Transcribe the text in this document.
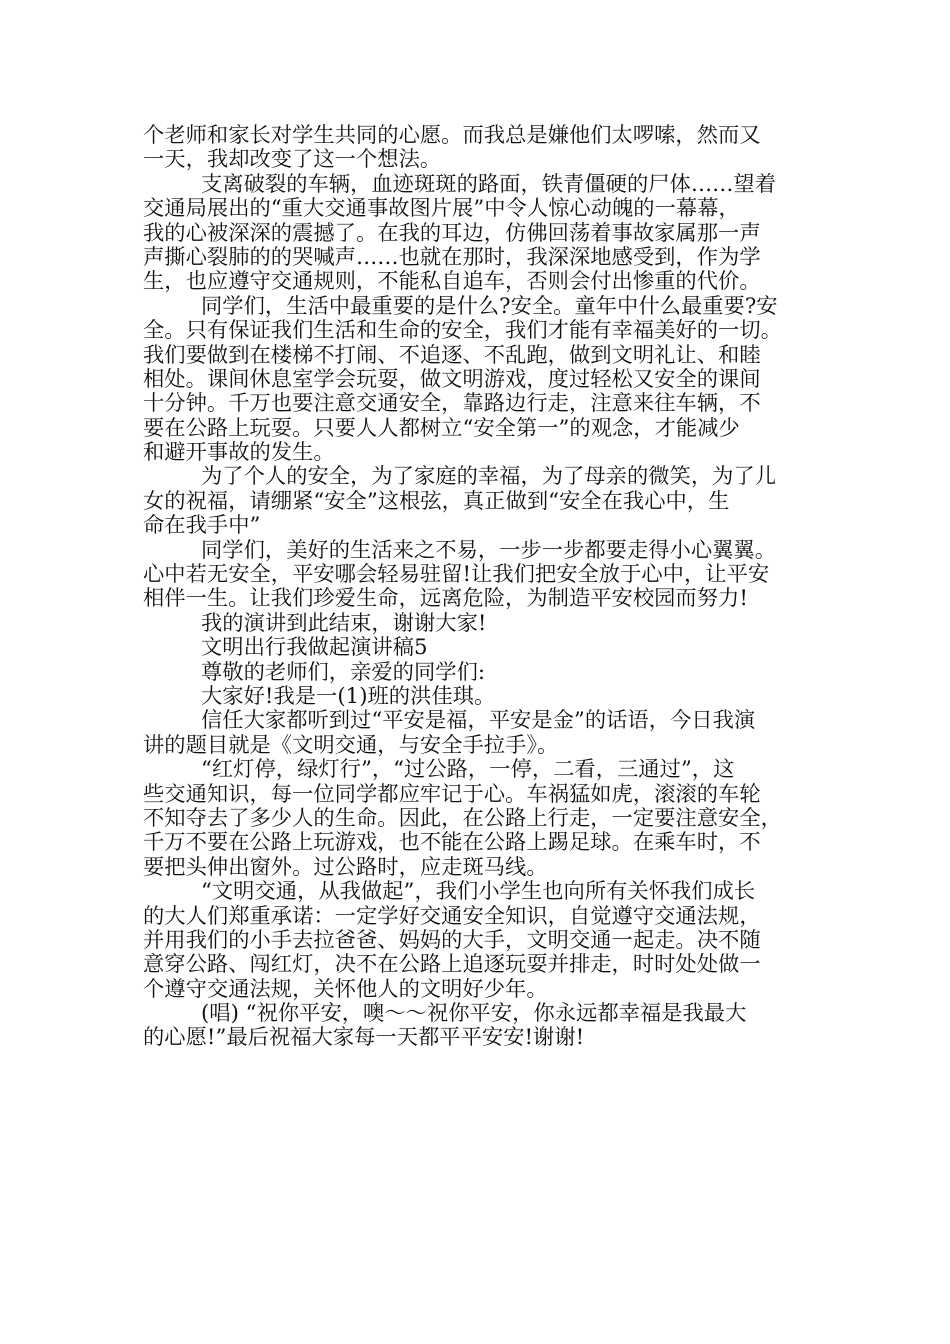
个老师和家长对学生共同的心愿。而我总是嫌他们太啰嗦，然而又
一天，我却改变了这一个想法。
支离破裂的车辆，血迹斑斑的路面，铁青僵硬的尸体……望着
交通局展出的“重大交通事故图片展”中令人惊心动魄的一幕幕，
我的心被深深的震撼了。在我的耳边，仿佛回荡着事故家属那一声
声撕心裂肺的的哭喊声……也就在那时，我深深地感受到，作为学
生，也应遵守交通规则，不能私自追车，否则会付出惨重的代价。
同学们，生活中最重要的是什么?安全。童年中什么最重要?安
全。只有保证我们生活和生命的安全，我们才能有幸福美好的一切。
我们要做到在楼梯不打闹、不追逐、不乱跑，做到文明礼让、和睦
相处。课间休息室学会玩耍，做文明游戏，度过轻松又安全的课间
十分钟。千万也要注意交通安全，靠路边行走，注意来往车辆，不
要在公路上玩耍。只要人人都树立“安全第一”的观念，才能减少
和避开事故的发生。
为了个人的安全，为了家庭的幸福，为了母亲的微笑，为了儿
女的祝福，请绷紧“安全”这根弦，真正做到“安全在我心中，生
命在我手中”
同学们，美好的生活来之不易，一步一步都要走得小心翼翼。
心中若无安全，平安哪会轻易驻留!让我们把安全放于心中，让平安
相伴一生。让我们珍爱生命，远离危险，为制造平安校园而努力!
我的演讲到此结束，谢谢大家!
文明出行我做起演讲稿5
尊敬的老师们，亲爱的同学们:
大家好!我是一(1)班的洪佳琪。
信任大家都听到过“平安是福，平安是金”的话语，今日我演
讲的题目就是《文明交通，与安全手拉手》。
“红灯停，绿灯行”，“过公路，一停，二看，三通过”，这
些交通知识，每一位同学都应牢记于心。车祸猛如虎，滚滚的车轮
不知夺去了多少人的生命。因此，在公路上行走，一定要注意安全，
千万不要在公路上玩游戏，也不能在公路上踢足球。在乘车时，不
要把头伸出窗外。过公路时，应走斑马线。
“文明交通，从我做起”，我们小学生也向所有关怀我们成长
的大人们郑重承诺：一定学好交通安全知识，自觉遵守交通法规，
并用我们的小手去拉爸爸、妈妈的大手，文明交通一起走。决不随
意穿公路、闯红灯，决不在公路上追逐玩耍并排走，时时处处做一
个遵守交通法规，关怀他人的文明好少年。
(唱) “祝你平安，噢～～祝你平安，你永远都幸福是我最大
的心愿!”最后祝福大家每一天都平平安安!谢谢!
